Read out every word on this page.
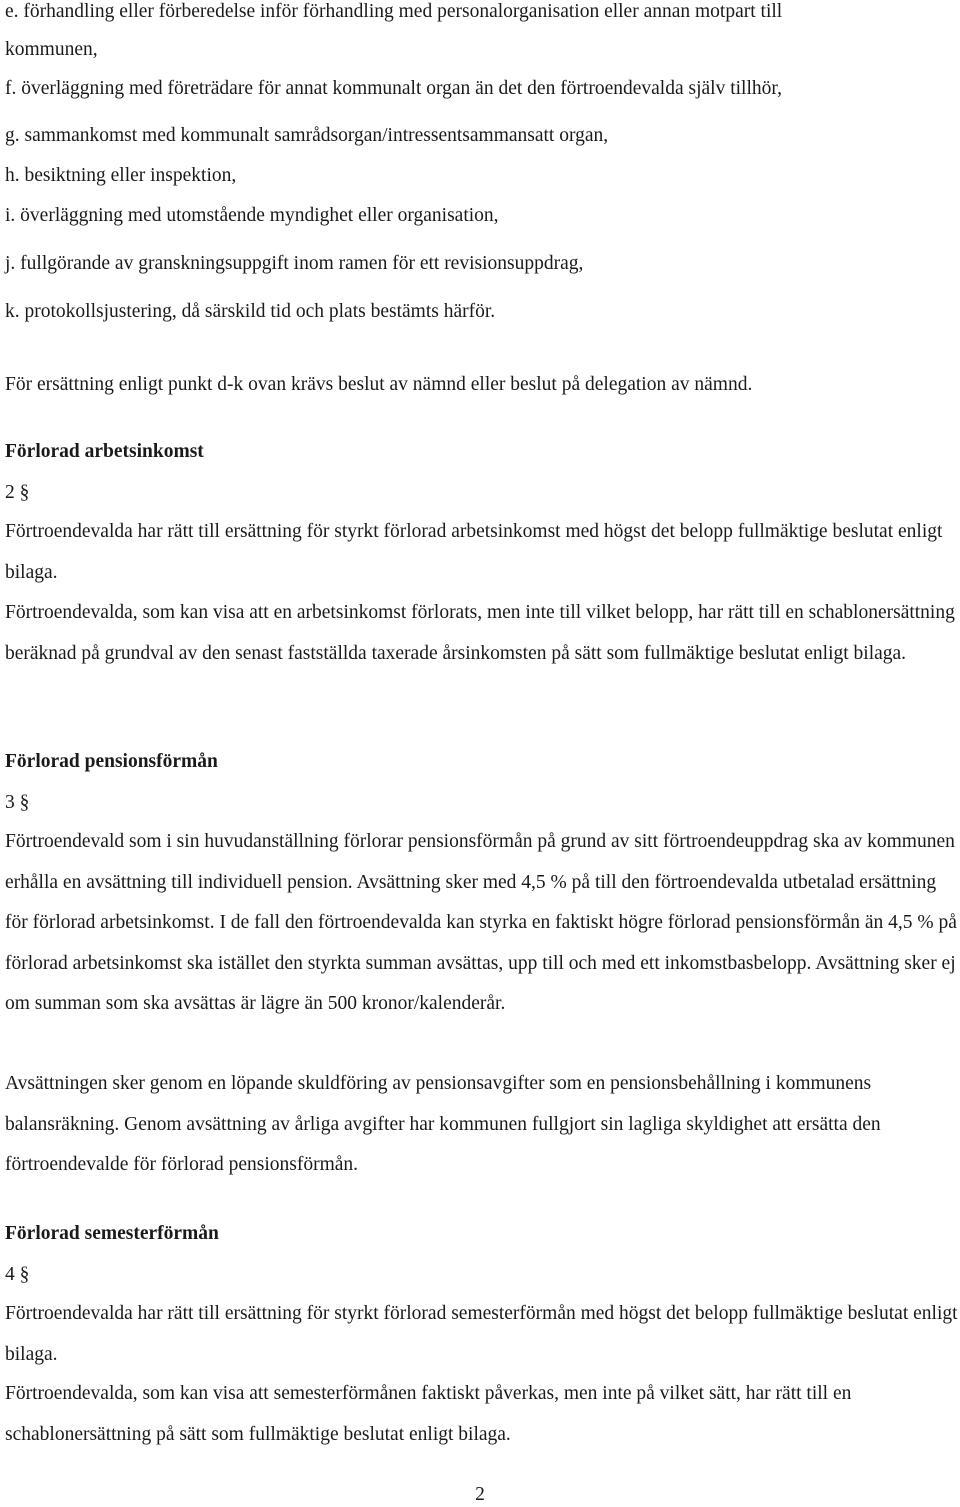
e. förhandling eller förberedelse inför förhandling med personalorganisation eller annan motpart till
kommunen,
f. överläggning med företrädare för annat kommunalt organ än det den förtroendevalda själv tillhör,
g. sammankomst med kommunalt samrådsorgan/intressentsammansatt organ,
h. besiktning eller inspektion,
i. överläggning med utomstående myndighet eller organisation,
j. fullgörande av granskningsuppgift inom ramen för ett revisionsuppdrag,
k. protokollsjustering, då särskild tid och plats bestämts härför.
För ersättning enligt punkt d-k ovan krävs beslut av nämnd eller beslut på delegation av nämnd.
Förlorad arbetsinkomst
2 §
Förtroendevalda har rätt till ersättning för styrkt förlorad arbetsinkomst med högst det belopp fullmäktige beslutat enligt bilaga.
Förtroendevalda, som kan visa att en arbetsinkomst förlorats, men inte till vilket belopp, har rätt till en schablonersättning beräknad på grundval av den senast fastställda taxerade årsinkomsten på sätt som fullmäktige beslutat enligt bilaga.
Förlorad pensionsförmån
3 §
Förtroendevald som i sin huvudanställning förlorar pensionsförmån på grund av sitt förtroendeuppdrag ska av kommunen erhålla en avsättning till individuell pension. Avsättning sker med 4,5 % på till den förtroendevalda utbetalad ersättning för förlorad arbetsinkomst. I de fall den förtroendevalda kan styrka en faktiskt högre förlorad pensionsförmån än 4,5 % på förlorad arbetsinkomst ska istället den styrkta summan avsättas, upp till och med ett inkomstbasbelopp. Avsättning sker ej om summan som ska avsättas är lägre än 500 kronor/kalenderår.
Avsättningen sker genom en löpande skuldföring av pensionsavgifter som en pensionsbehållning i kommunens balansräkning. Genom avsättning av årliga avgifter har kommunen fullgjort sin lagliga skyldighet att ersätta den förtroendevalde för förlorad pensionsförmån.
Förlorad semesterförmån
4 §
Förtroendevalda har rätt till ersättning för styrkt förlorad semesterförmån med högst det belopp fullmäktige beslutat enligt bilaga.
Förtroendevalda, som kan visa att semesterförmånen faktiskt påverkas, men inte på vilket sätt, har rätt till en schablonersättning på sätt som fullmäktige beslutat enligt bilaga.
2
